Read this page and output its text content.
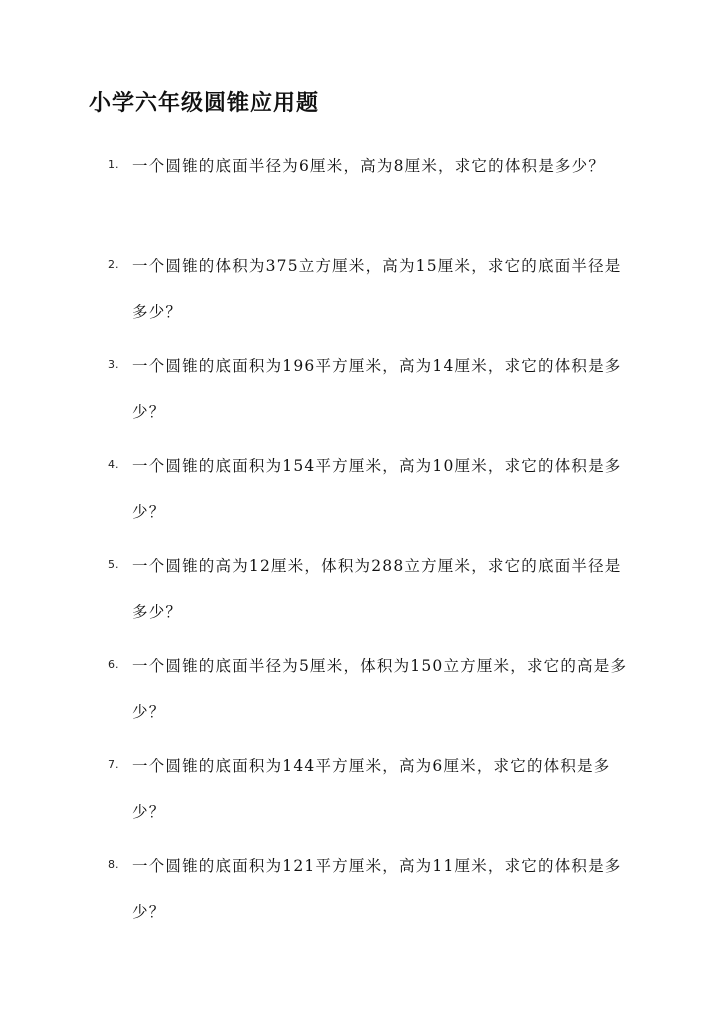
小学六年级圆锥应用题
1. 一个圆锥的底面半径为6厘米，高为8厘米，求它的体积是多少？
2. 一个圆锥的体积为375立方厘米，高为15厘米，求它的底面半径是多少？
3. 一个圆锥的底面积为196平方厘米，高为14厘米，求它的体积是多少？
4. 一个圆锥的底面积为154平方厘米，高为10厘米，求它的体积是多少？
5. 一个圆锥的高为12厘米，体积为288立方厘米，求它的底面半径是多少？
6. 一个圆锥的底面半径为5厘米，体积为150立方厘米，求它的高是多少？
7. 一个圆锥的底面积为144平方厘米，高为6厘米，求它的体积是多少？
8. 一个圆锥的底面积为121平方厘米，高为11厘米，求它的体积是多少？
